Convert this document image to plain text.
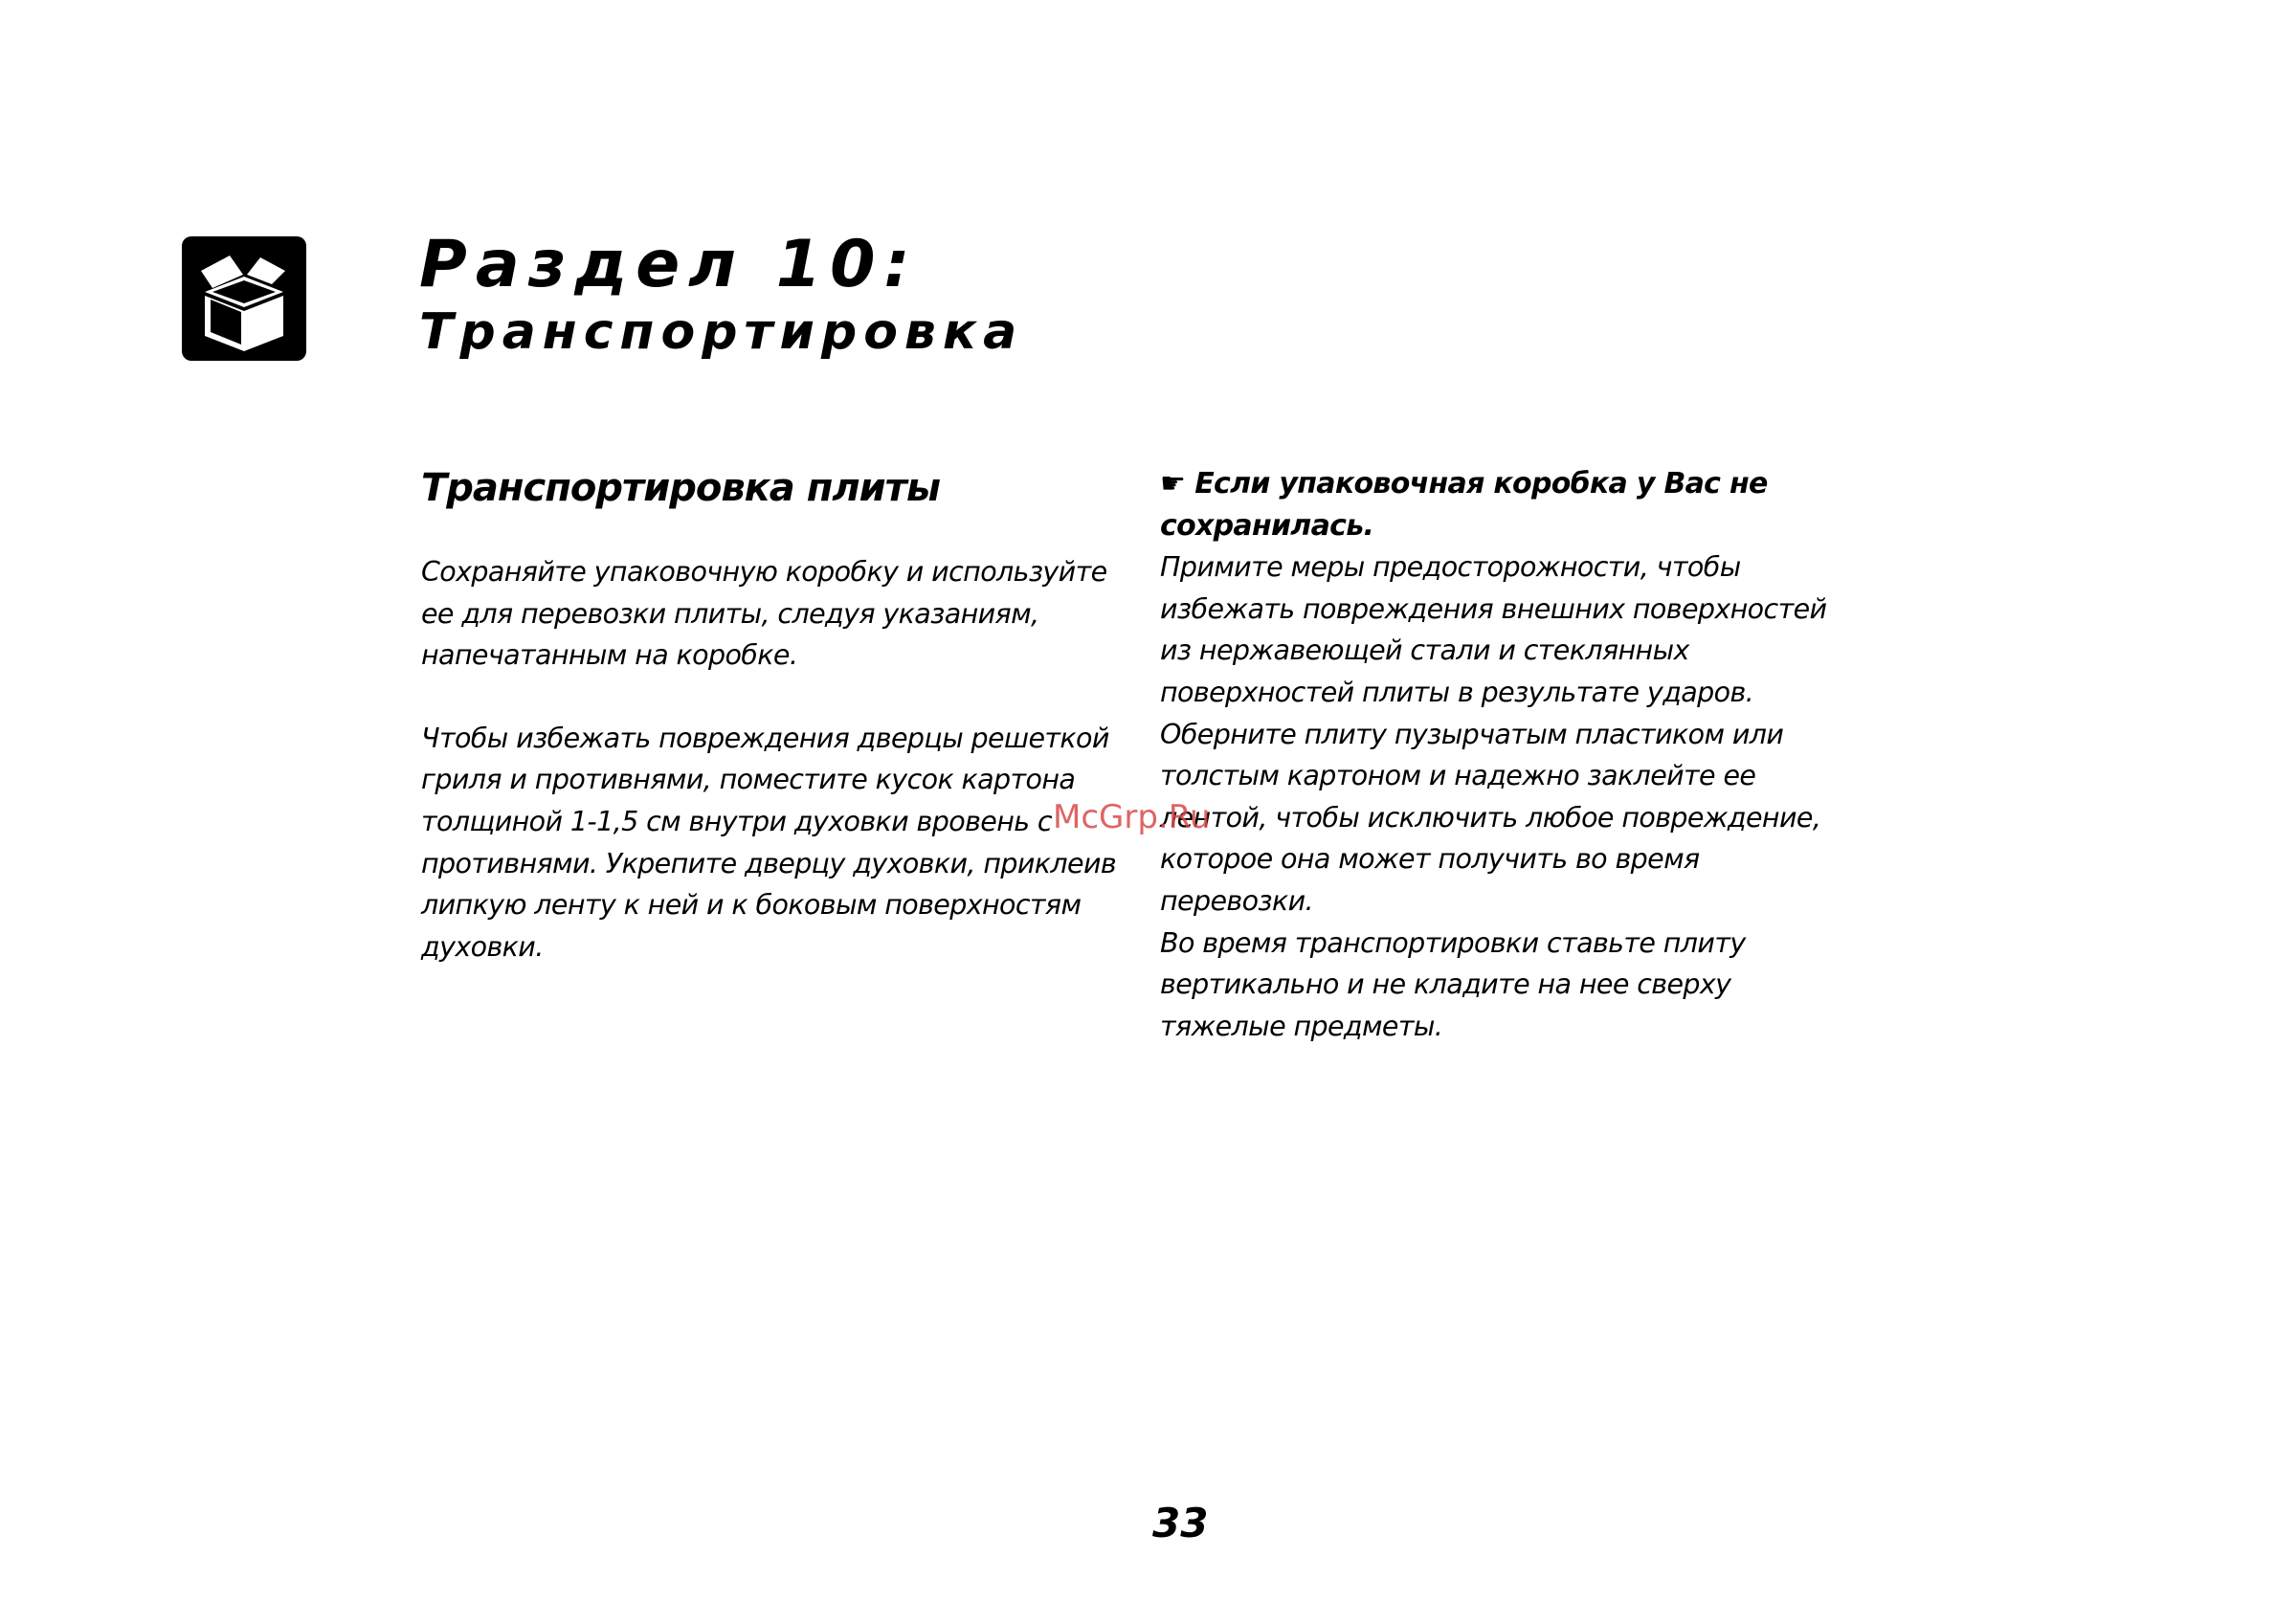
Раздел 10:
Транспортировка
Транспортировка плиты

Сохраняйте упаковочную коробку и используйте ее для перевозки плиты, следуя указаниям, напечатанным на коробке.

Чтобы избежать повреждения дверцы решеткой гриля и противнями, поместите кусок картона толщиной 1-1,5 см внутри духовки вровень с противнями. Укрепите дверцу духовки, приклеив липкую ленту к ней и к боковым поверхностям духовки.

☛ Если упаковочная коробка у Вас не сохранилась.

Примите меры предосторожности, чтобы избежать повреждения внешних поверхностей из нержавеющей стали и стеклянных поверхностей плиты в результате ударов.
Оберните плиту пузырчатым пластиком или толстым картоном и надежно заклейте ее лентой, чтобы исключить любое повреждение, которое она может получить во время перевозки.
Во время транспортировки ставьте плиту вертикально и не кладите на нее сверху тяжелые предметы.

McGrp.Ru
33
